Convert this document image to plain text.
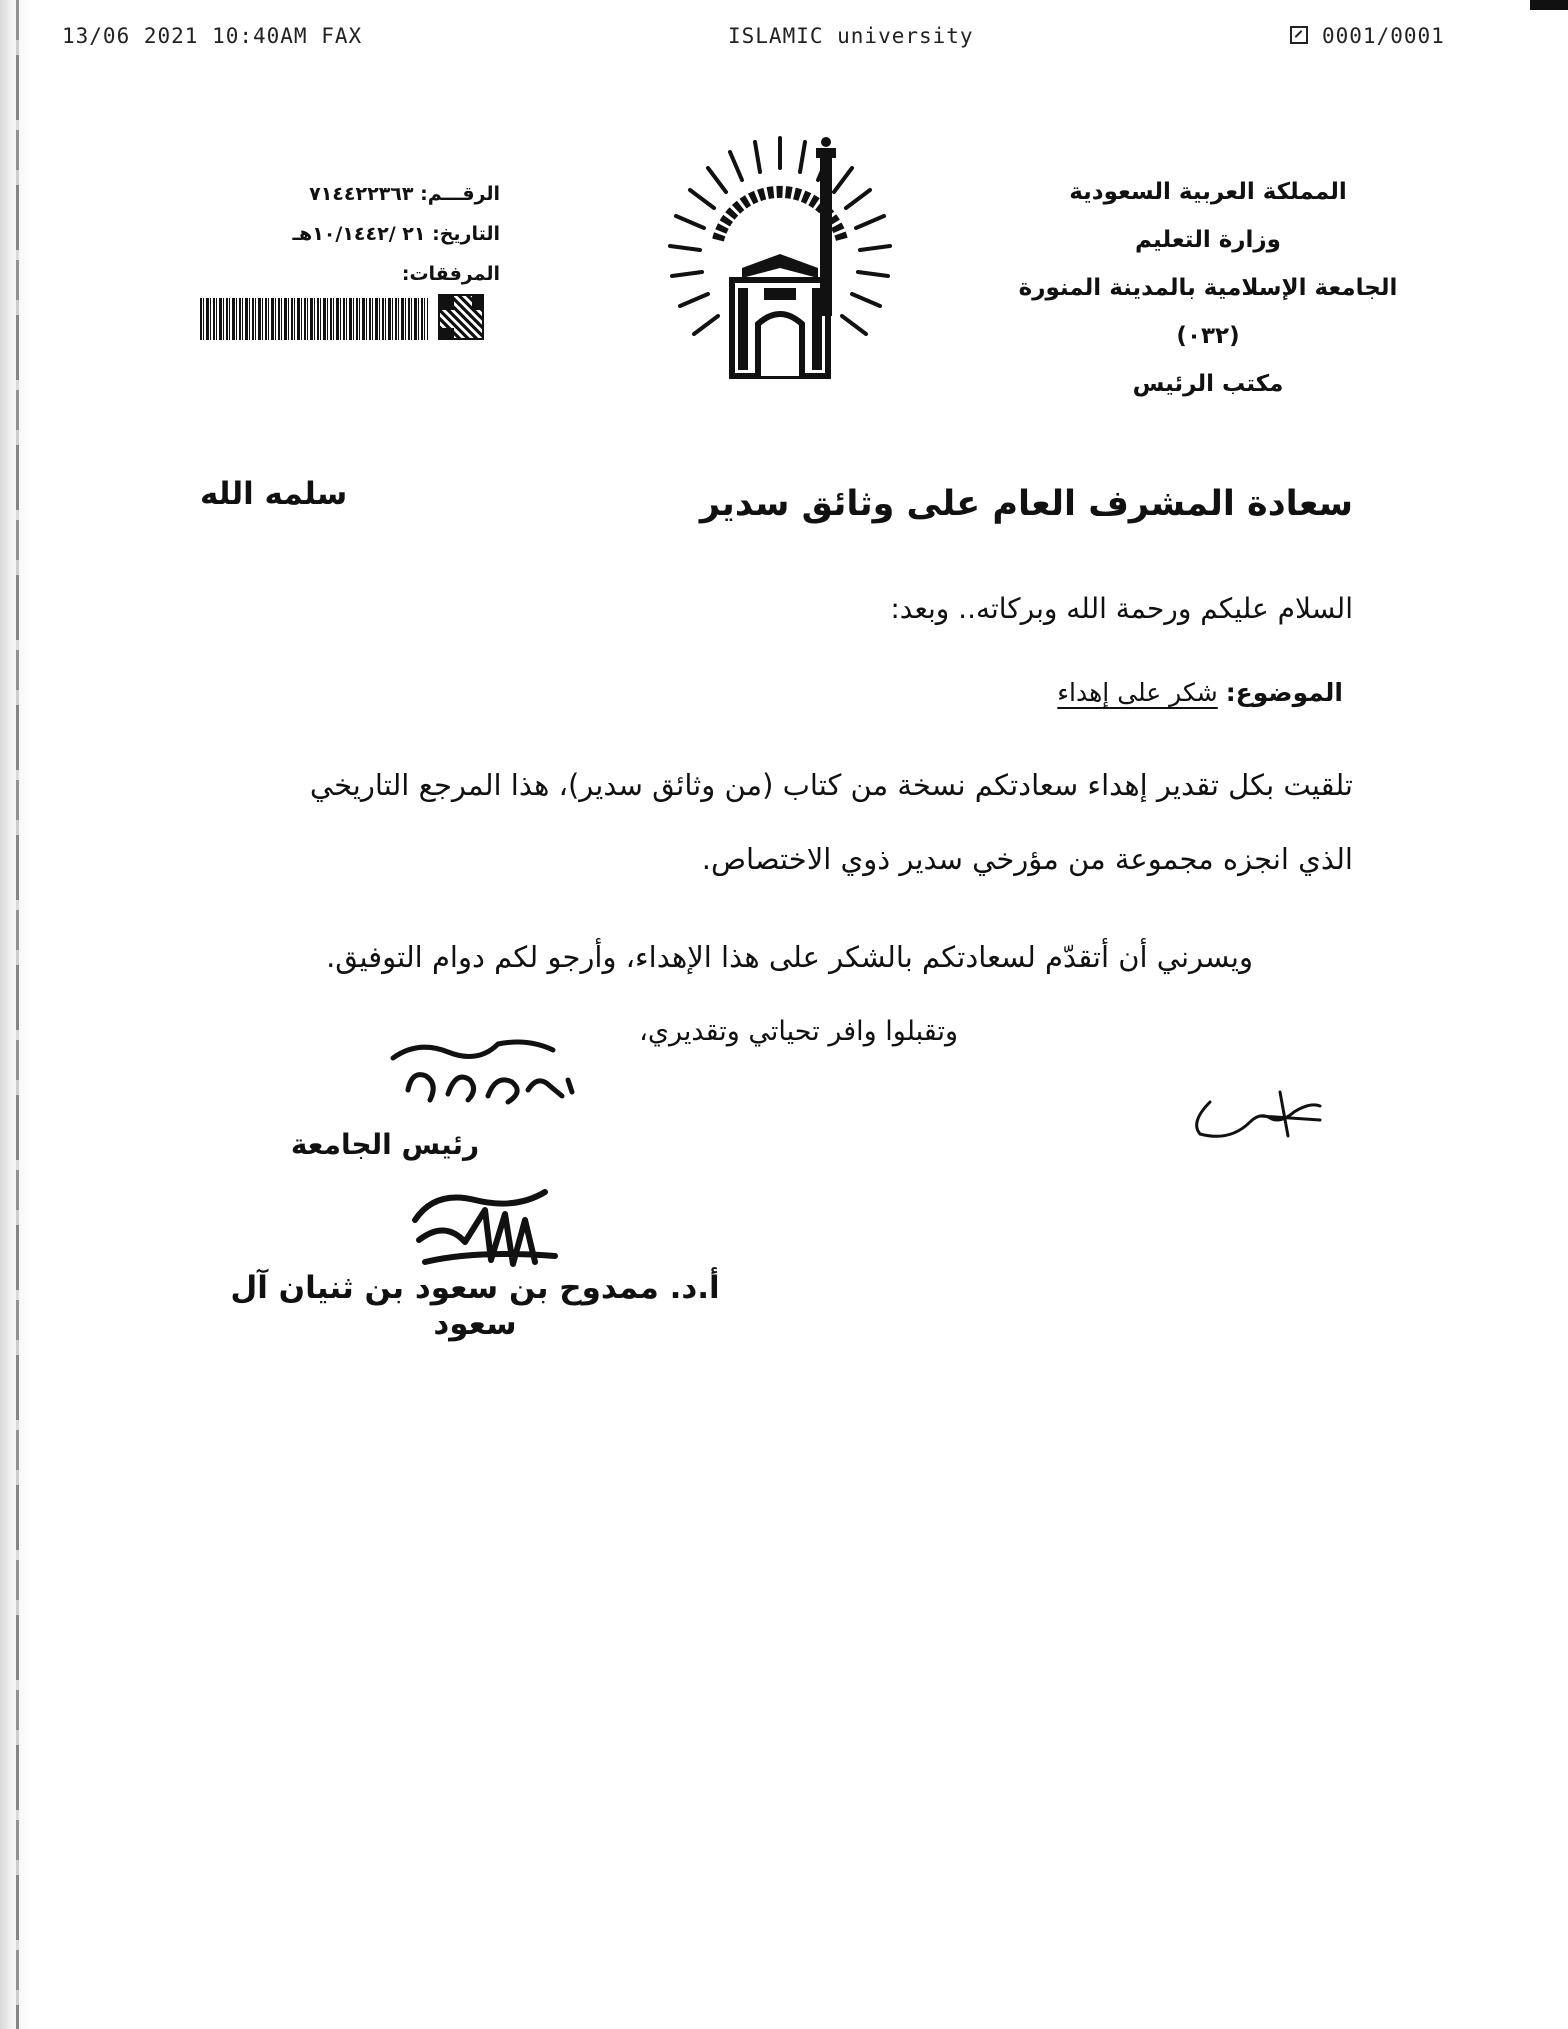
13/06 2021 10:40AM FAX	ISLAMIC university	0001/0001
المملكة العربية السعودية
وزارة التعليم
الجامعة الإسلامية بالمدينة المنورة
(٠٣٢)
مكتب الرئيس
الرقـــم: ٧١٤٤٢٢٣٦٣
التاريخ: ٢١ /١٠/١٤٤٢هـ
المرفقات:
سعادة المشرف العام على وثائق سدير
سلمه الله
السلام عليكم ورحمة الله وبركاته.. وبعد:
الموضوع: شكر على إهداء
تلقيت بكل تقدير إهداء سعادتكم نسخة من كتاب (من وثائق سدير)، هذا المرجع التاريخي
الذي انجزه مجموعة من مؤرخي سدير ذوي الاختصاص.
ويسرني أن أتقدّم لسعادتكم بالشكر على هذا الإهداء، وأرجو لكم دوام التوفيق.
وتقبلوا وافر تحياتي وتقديري،
رئيس الجامعة
أ.د. ممدوح بن سعود بن ثنيان آل سعود
